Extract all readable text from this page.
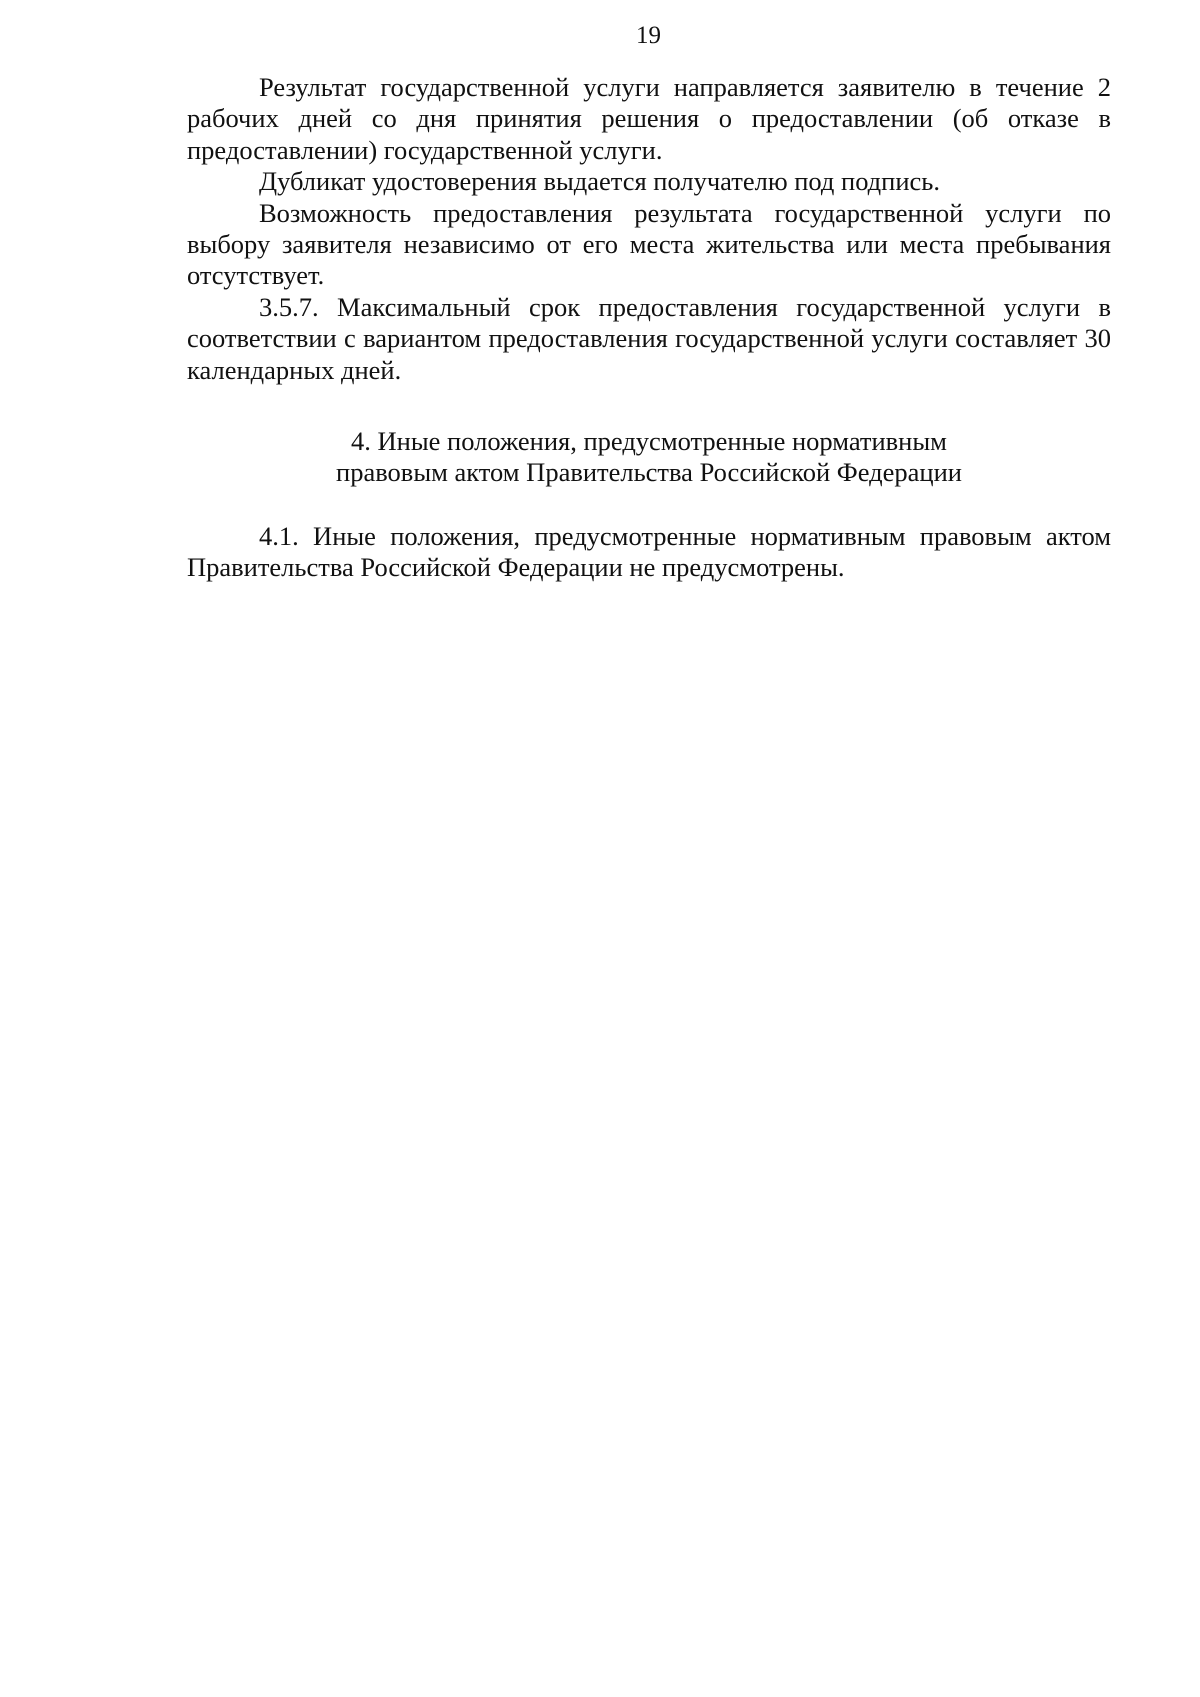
19

Результат государственной услуги направляется заявителю в течение 2 рабочих дней со дня принятия решения о предоставлении (об отказе в предоставлении) государственной услуги.

Дубликат удостоверения выдается получателю под подпись.

Возможность предоставления результата государственной услуги по выбору заявителя независимо от его места жительства или места пребывания отсутствует.

3.5.7. Максимальный срок предоставления государственной услуги в соответствии с вариантом предоставления государственной услуги составляет 30 календарных дней.

4. Иные положения, предусмотренные нормативным
правовым актом Правительства Российской Федерации

4.1. Иные положения, предусмотренные нормативным правовым актом Правительства Российской Федерации не предусмотрены.
